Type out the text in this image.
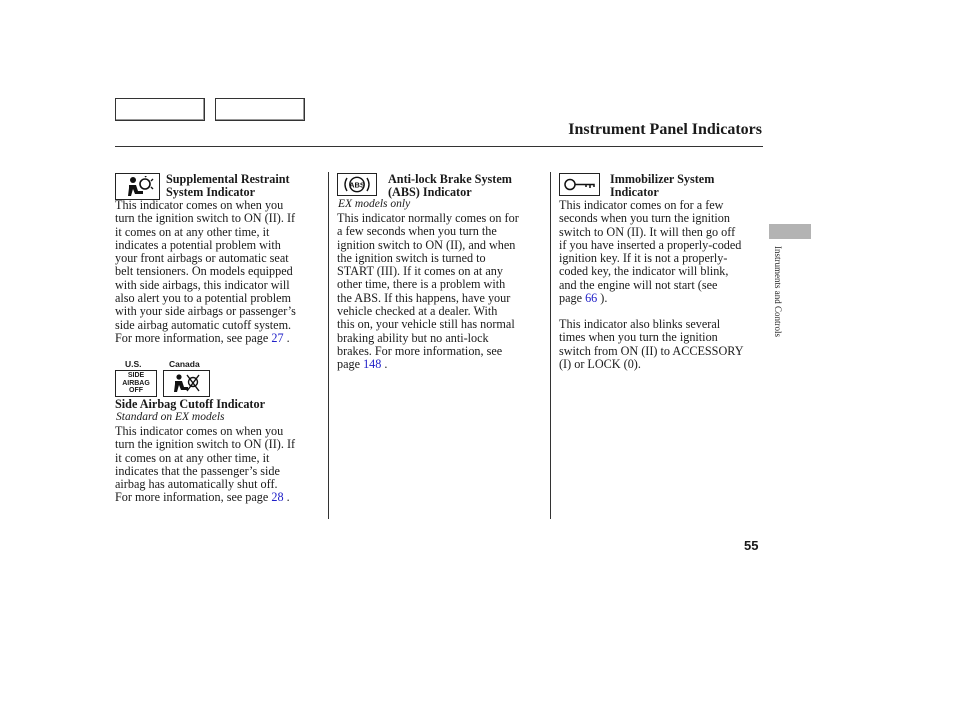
Instrument Panel Indicators
Supplemental Restraint
System Indicator
This indicator comes on when you
turn the ignition switch to ON (II). If
it comes on at any other time, it
indicates a potential problem with
your front airbags or automatic seat
belt tensioners. On models equipped
with side airbags, this indicator will
also alert you to a potential problem
with your side airbags or passenger’s
side airbag automatic cutoff system.
For more information, see page 27 .
U.S.	Canada
SIDE
AIRBAG
OFF
Side Airbag Cutoff Indicator
Standard on EX models
This indicator comes on when you
turn the ignition switch to ON (II). If
it comes on at any other time, it
indicates that the passenger’s side
airbag has automatically shut off.
For more information, see page 28 .
ABS Anti-lock Brake System
(ABS) Indicator
EX models only
This indicator normally comes on for
a few seconds when you turn the
ignition switch to ON (II), and when
the ignition switch is turned to
START (III). If it comes on at any
other time, there is a problem with
the ABS. If this happens, have your
vehicle checked at a dealer. With
this on, your vehicle still has normal
braking ability but no anti-lock
brakes. For more information, see
page 148 .
Immobilizer System
Indicator
This indicator comes on for a few
seconds when you turn the ignition
switch to ON (II). It will then go off
if you have inserted a properly-coded
ignition key. If it is not a properly-
coded key, the indicator will blink,
and the engine will not start (see
page 66 ).
This indicator also blinks several
times when you turn the ignition
switch from ON (II) to ACCESSORY
(I) or LOCK (0).
Instruments and Controls
55
